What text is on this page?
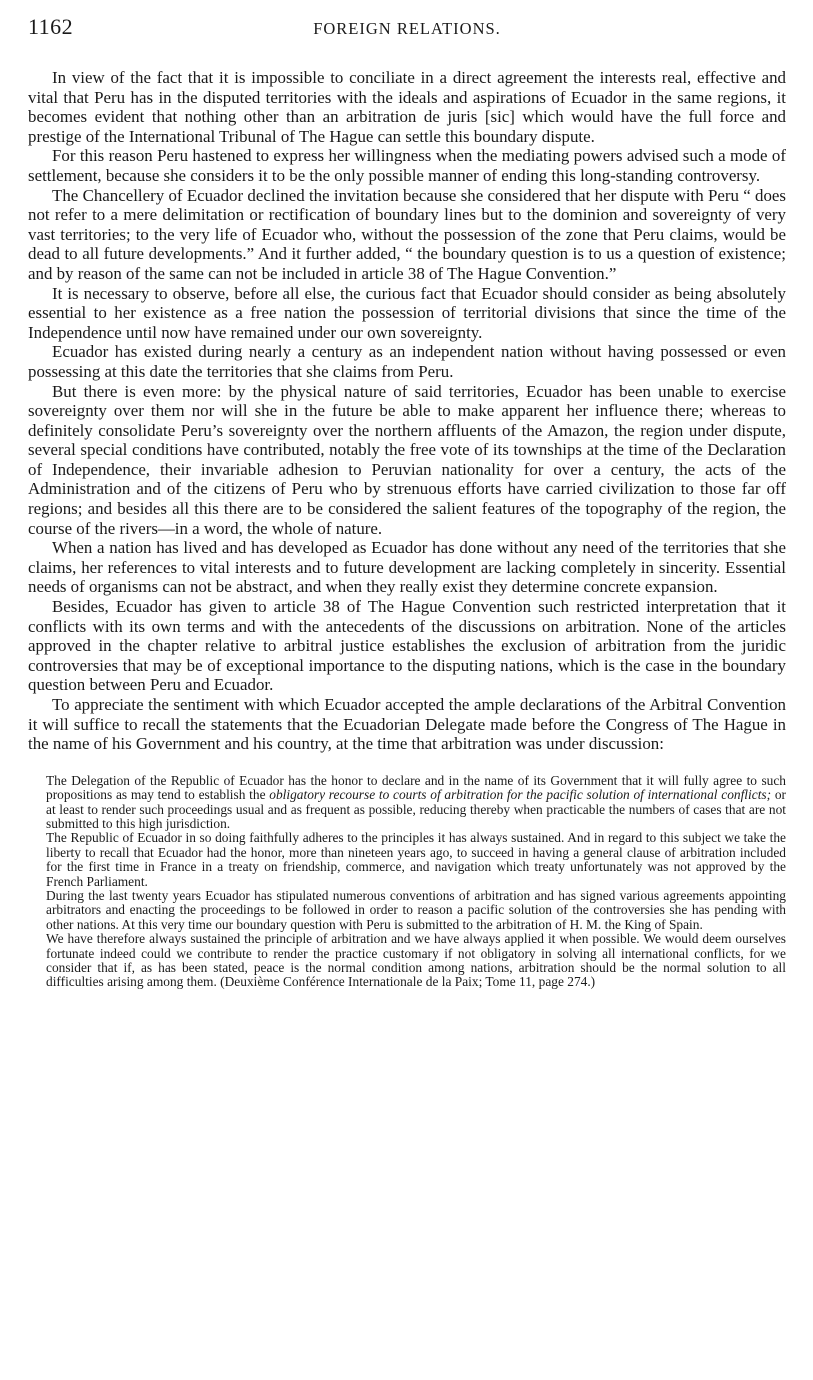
1162	FOREIGN RELATIONS.

In view of the fact that it is impossible to conciliate in a direct agreement the interests real, effective and vital that Peru has in the disputed territories with the ideals and aspirations of Ecuador in the same regions, it becomes evident that nothing other than an arbitration de juris [sic] which would have the full force and prestige of the International Tribunal of The Hague can settle this boundary dispute.

For this reason Peru hastened to express her willingness when the mediating powers advised such a mode of settlement, because she considers it to be the only possible manner of ending this long-standing controversy.

The Chancellery of Ecuador declined the invitation because she considered that her dispute with Peru “ does not refer to a mere delimitation or rectification of boundary lines but to the dominion and sovereignty of very vast territories; to the very life of Ecuador who, without the possession of the zone that Peru claims, would be dead to all future developments.” And it further added, “ the boundary question is to us a question of existence; and by reason of the same can not be included in article 38 of The Hague Convention.”

It is necessary to observe, before all else, the curious fact that Ecuador should consider as being absolutely essential to her existence as a free nation the possession of territorial divisions that since the time of the Independence until now have remained under our own sovereignty.

Ecuador has existed during nearly a century as an independent nation without having possessed or even possessing at this date the territories that she claims from Peru.

But there is even more: by the physical nature of said territories, Ecuador has been unable to exercise sovereignty over them nor will she in the future be able to make apparent her influence there; whereas to definitely consolidate Peru’s sovereignty over the northern affluents of the Amazon, the region under dispute, several special conditions have contributed, notably the free vote of its townships at the time of the Declaration of Independence, their invariable adhesion to Peruvian nationality for over a century, the acts of the Administration and of the citizens of Peru who by strenuous efforts have carried civilization to those far off regions; and besides all this there are to be considered the salient features of the topography of the region, the course of the rivers—in a word, the whole of nature.

When a nation has lived and has developed as Ecuador has done without any need of the territories that she claims, her references to vital interests and to future development are lacking completely in sincerity. Essential needs of organisms can not be abstract, and when they really exist they determine concrete expansion.

Besides, Ecuador has given to article 38 of The Hague Convention such restricted interpretation that it conflicts with its own terms and with the antecedents of the discussions on arbitration. None of the articles approved in the chapter relative to arbitral justice establishes the exclusion of arbitration from the juridic controversies that may be of exceptional importance to the disputing nations, which is the case in the boundary question between Peru and Ecuador.

To appreciate the sentiment with which Ecuador accepted the ample declarations of the Arbitral Convention it will suffice to recall the statements that the Ecuadorian Delegate made before the Congress of The Hague in the name of his Government and his country, at the time that arbitration was under discussion:

The Delegation of the Republic of Ecuador has the honor to declare and in the name of its Government that it will fully agree to such propositions as may tend to establish the obligatory recourse to courts of arbitration for the pacific solution of international conflicts; or at least to render such proceedings usual and as frequent as possible, reducing thereby when practicable the numbers of cases that are not submitted to this high jurisdiction.

The Republic of Ecuador in so doing faithfully adheres to the principles it has always sustained. And in regard to this subject we take the liberty to recall that Ecuador had the honor, more than nineteen years ago, to succeed in having a general clause of arbitration included for the first time in France in a treaty on friendship, commerce, and navigation which treaty unfortunately was not approved by the French Parliament.

During the last twenty years Ecuador has stipulated numerous conventions of arbitration and has signed various agreements appointing arbitrators and enacting the proceedings to be followed in order to reason a pacific solution of the controversies she has pending with other nations. At this very time our boundary question with Peru is submitted to the arbitration of H. M. the King of Spain.

We have therefore always sustained the principle of arbitration and we have always applied it when possible. We would deem ourselves fortunate indeed could we contribute to render the practice customary if not obligatory in solving all international conflicts, for we consider that if, as has been stated, peace is the normal condition among nations, arbitration should be the normal solution to all difficulties arising among them. (Deuxième Conférence Internationale de la Paix; Tome 11, page 274.)
